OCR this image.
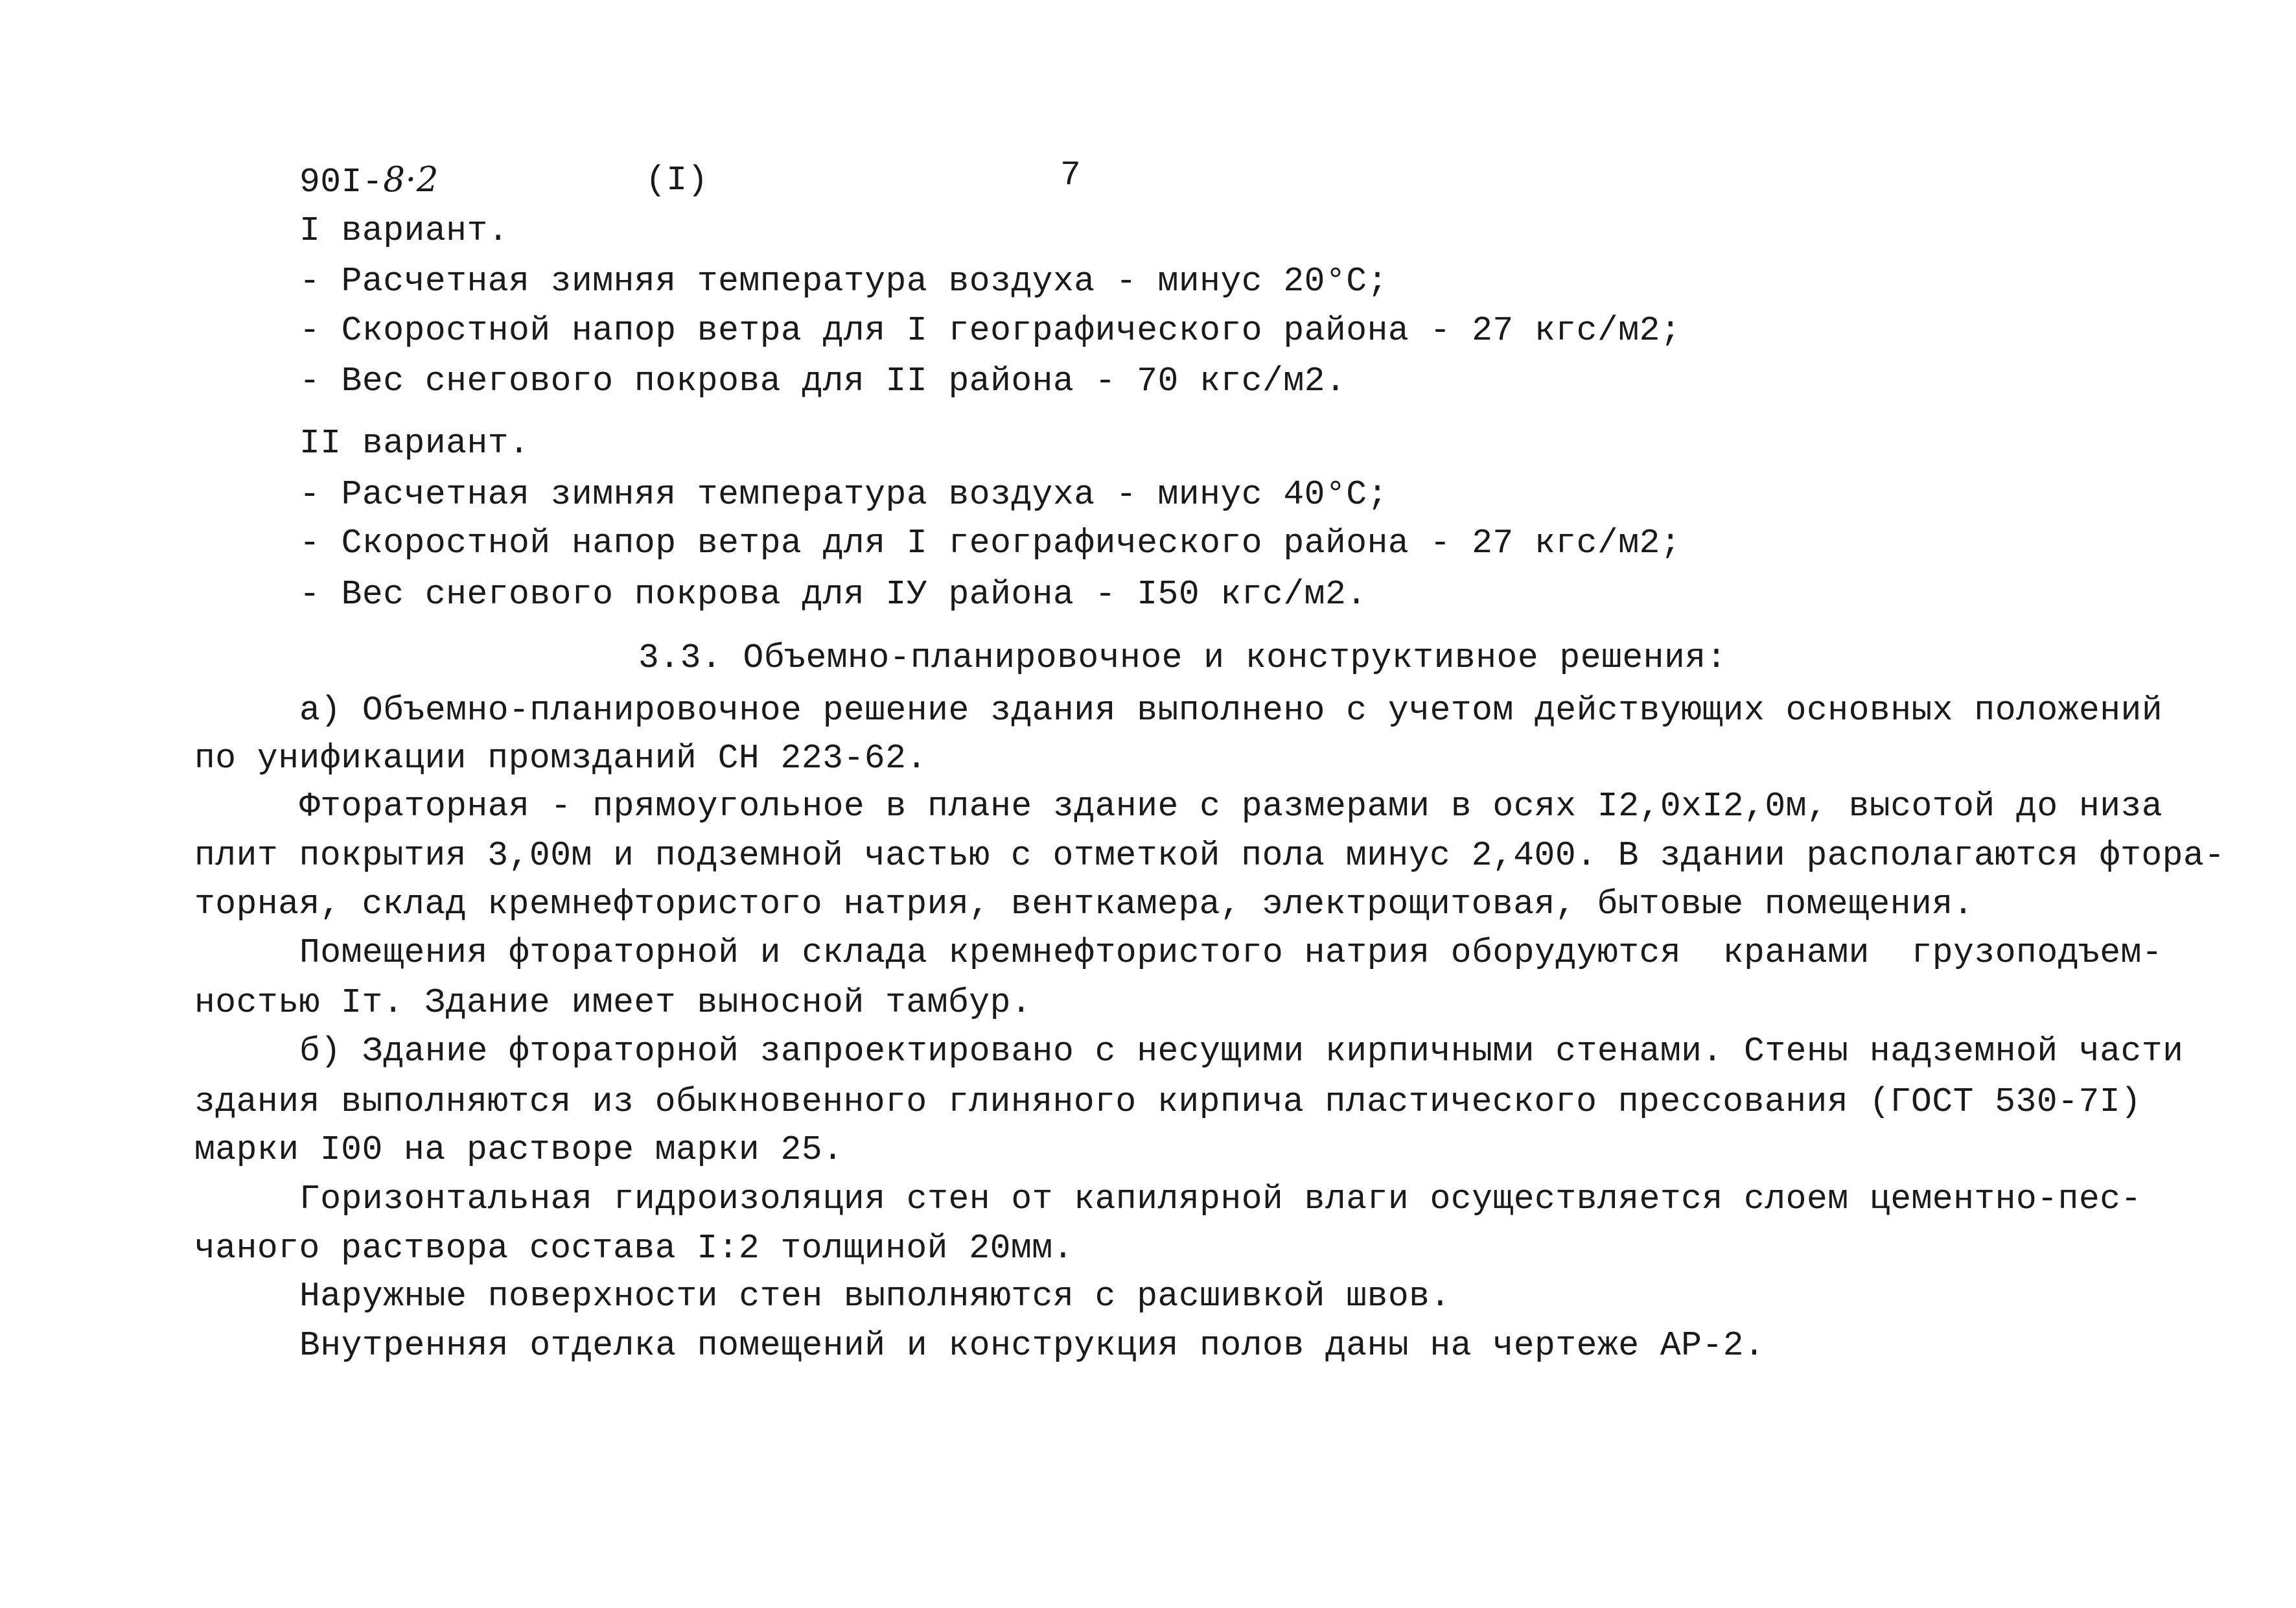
90I-8·2	(I)	7
I вариант.
- Расчетная зимняя температура воздуха - минус 20°С;
- Скоростной напор ветра для I географического района - 27 кгс/м2;
- Вес снегового покрова для II района - 70 кгс/м2.
II вариант.
- Расчетная зимняя температура воздуха - минус 40°С;
- Скоростной напор ветра для I географического района - 27 кгс/м2;
- Вес снегового покрова для IУ района - I50 кгс/м2.
3.3. Объемно-планировочное и конструктивное решения:
а) Объемно-планировочное решение здания выполнено с учетом действующих основных положений
по унификации промзданий СН 223-62.
Фтораторная - прямоугольное в плане здание с размерами в осях I2,0хI2,0м, высотой до низа
плит покрытия 3,00м и подземной частью с отметкой пола минус 2,400. В здании располагаются фтора-
торная, склад кремнефтористого натрия, венткамера, электрощитовая, бытовые помещения.
Помещения фтораторной и склада кремнефтористого натрия оборудуются  кранами  грузоподъем-
ностью Iт. Здание имеет выносной тамбур.
б) Здание фтораторной запроектировано с несущими кирпичными стенами. Стены надземной части
здания выполняются из обыкновенного глиняного кирпича пластического прессования (ГОСТ 530-7I)
марки I00 на растворе марки 25.
Горизонтальная гидроизоляция стен от капилярной влаги осуществляется слоем цементно-пес-
чаного раствора состава I:2 толщиной 20мм.
Наружные поверхности стен выполняются с расшивкой швов.
Внутренняя отделка помещений и конструкция полов даны на чертеже АР-2.
